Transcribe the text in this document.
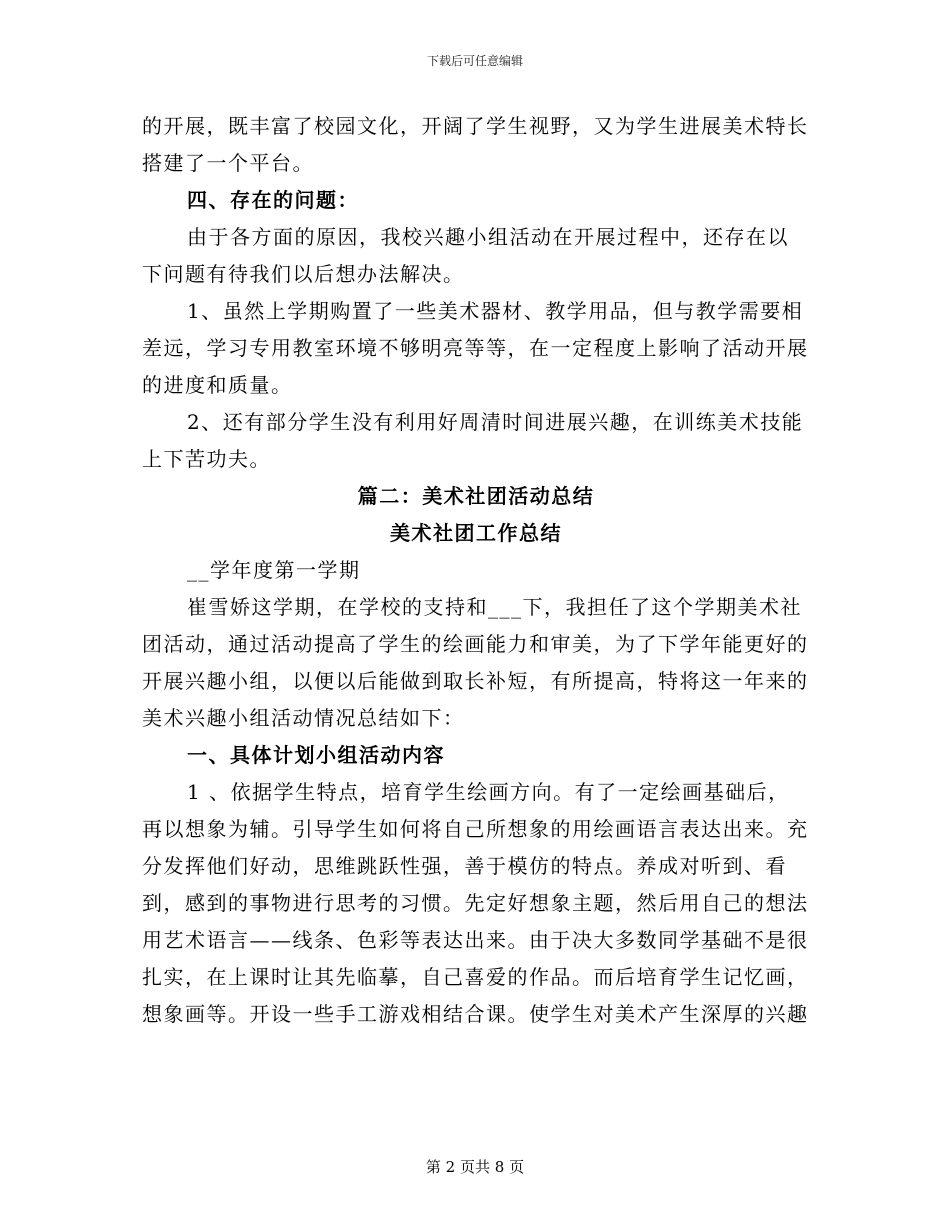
下载后可任意编辑

的开展，既丰富了校园文化，开阔了学生视野，又为学生进展美术特长搭建了一个平台。

四、存在的问题：

由于各方面的原因，我校兴趣小组活动在开展过程中，还存在以下问题有待我们以后想办法解决。

1、虽然上学期购置了一些美术器材、教学用品，但与教学需要相差远，学习专用教室环境不够明亮等等，在一定程度上影响了活动开展的进度和质量。

2、还有部分学生没有利用好周清时间进展兴趣，在训练美术技能上下苦功夫。

篇二：美术社团活动总结

美术社团工作总结

__学年度第一学期

崔雪娇这学期，在学校的支持和___下，我担任了这个学期美术社团活动，通过活动提高了学生的绘画能力和审美，为了下学年能更好的开展兴趣小组，以便以后能做到取长补短，有所提高，特将这一年来的美术兴趣小组活动情况总结如下：

一、具体计划小组活动内容

1 、依据学生特点，培育学生绘画方向。有了一定绘画基础后，再以想象为辅。引导学生如何将自己所想象的用绘画语言表达出来。充分发挥他们好动，思维跳跃性强，善于模仿的特点。养成对听到、看到，感到的事物进行思考的习惯。先定好想象主题，然后用自己的想法用艺术语言——线条、色彩等表达出来。由于决大多数同学基础不是很扎实，在上课时让其先临摹，自己喜爱的作品。而后培育学生记忆画，想象画等。开设一些手工游戏相结合课。使学生对美术产生深厚的兴趣

第 2 页共 8 页
